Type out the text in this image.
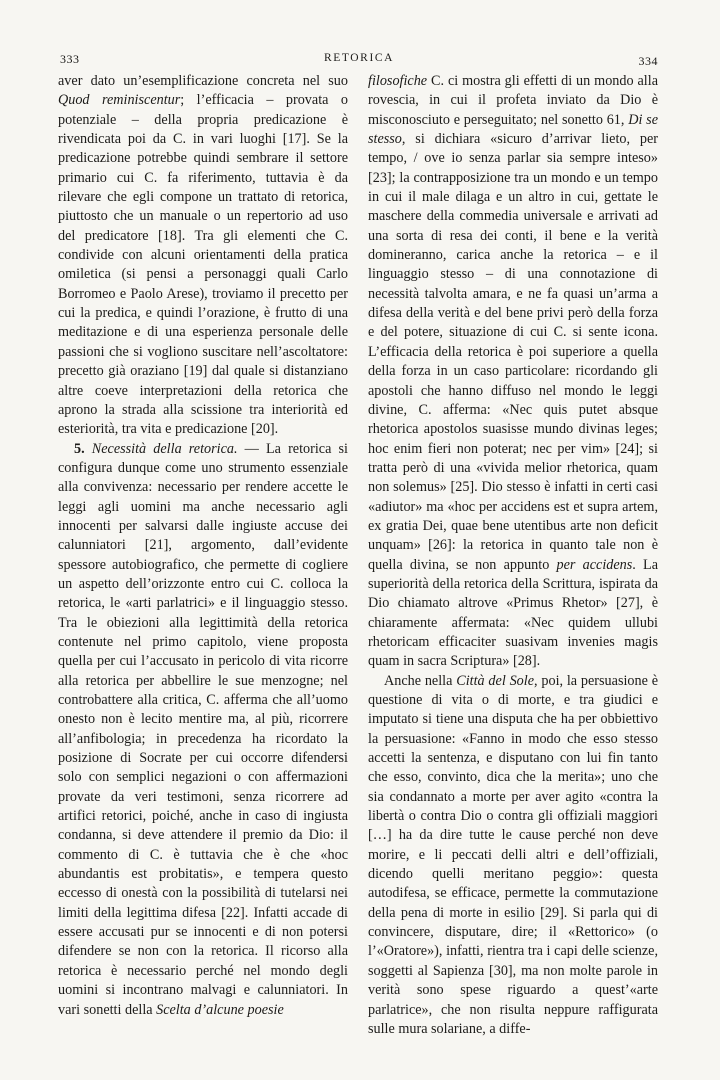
333	RETORICA	334

aver dato un’esemplificazione concreta nel suo Quod reminiscentur; l’efficacia – provata o potenziale – della propria predicazione è rivendicata poi da C. in vari luoghi [17]. Se la predicazione potrebbe quindi sembrare il settore primario cui C. fa riferimento, tuttavia è da rilevare che egli compone un trattato di retorica, piuttosto che un manuale o un repertorio ad uso del predicatore [18]. Tra gli elementi che C. condivide con alcuni orientamenti della pratica omiletica (si pensi a personaggi quali Carlo Borromeo e Paolo Arese), troviamo il precetto per cui la predica, e quindi l’orazione, è frutto di una meditazione e di una esperienza personale delle passioni che si vogliono suscitare nell’ascoltatore: precetto già oraziano [19] dal quale si distanziano altre coeve interpretazioni della retorica che aprono la strada alla scissione tra interiorità ed esteriorità, tra vita e predicazione [20].

5. Necessità della retorica. — La retorica si configura dunque come uno strumento essenziale alla convivenza: necessario per rendere accette le leggi agli uomini ma anche necessario agli innocenti per salvarsi dalle ingiuste accuse dei calunniatori [21], argomento, dall’evidente spessore autobiografico, che permette di cogliere un aspetto dell’orizzonte entro cui C. colloca la retorica, le «arti parlatrici» e il linguaggio stesso. Tra le obiezioni alla legittimità della retorica contenute nel primo capitolo, viene proposta quella per cui l’accusato in pericolo di vita ricorre alla retorica per abbellire le sue menzogne; nel controbattere alla critica, C. afferma che all’uomo onesto non è lecito mentire ma, al più, ricorrere all’anfibologia; in precedenza ha ricordato la posizione di Socrate per cui occorre difendersi solo con semplici negazioni o con affermazioni provate da veri testimoni, senza ricorrere ad artifici retorici, poiché, anche in caso di ingiusta condanna, si deve attendere il premio da Dio: il commento di C. è tuttavia che è che «hoc abundantis est probitatis», e tempera questo eccesso di onestà con la possibilità di tutelarsi nei limiti della legittima difesa [22]. Infatti accade di essere accusati pur se innocenti e di non potersi difendere se non con la retorica. Il ricorso alla retorica è necessario perché nel mondo degli uomini si incontrano malvagi e calunniatori. In vari sonetti della Scelta d’alcune poesie

filosofiche C. ci mostra gli effetti di un mondo alla rovescia, in cui il profeta inviato da Dio è misconosciuto e perseguitato; nel sonetto 61, Di se stesso, si dichiara «sicuro d’arrivar lieto, per tempo, / ove io senza parlar sia sempre inteso» [23]; la contrapposizione tra un mondo e un tempo in cui il male dilaga e un altro in cui, gettate le maschere della commedia universale e arrivati ad una sorta di resa dei conti, il bene e la verità domineranno, carica anche la retorica – e il linguaggio stesso – di una connotazione di necessità talvolta amara, e ne fa quasi un’arma a difesa della verità e del bene privi però della forza e del potere, situazione di cui C. si sente icona. L’efficacia della retorica è poi superiore a quella della forza in un caso particolare: ricordando gli apostoli che hanno diffuso nel mondo le leggi divine, C. afferma: «Nec quis putet absque rhetorica apostolos suasisse mundo divinas leges; hoc enim fieri non poterat; nec per vim» [24]; si tratta però di una «vivida melior rhetorica, quam non solemus» [25]. Dio stesso è infatti in certi casi «adiutor» ma «hoc per accidens est et supra artem, ex gratia Dei, quae bene utentibus arte non deficit unquam» [26]: la retorica in quanto tale non è quella divina, se non appunto per accidens. La superiorità della retorica della Scrittura, ispirata da Dio chiamato altrove «Primus Rhetor» [27], è chiaramente affermata: «Nec quidem ullubi rhetoricam efficaciter suasivam invenies magis quam in sacra Scriptura» [28].

Anche nella Città del Sole, poi, la persuasione è questione di vita o di morte, e tra giudici e imputato si tiene una disputa che ha per obbiettivo la persuasione: «Fanno in modo che esso stesso accetti la sentenza, e disputano con lui fin tanto che esso, convinto, dica che la merita»; uno che sia condannato a morte per aver agito «contra la libertà o contra Dio o contra gli offiziali maggiori […] ha da dire tutte le cause perché non deve morire, e li peccati delli altri e dell’offiziali, dicendo quelli meritano peggio»: questa autodifesa, se efficace, permette la commutazione della pena di morte in esilio [29]. Si parla qui di convincere, disputare, dire; il «Rettorico» (o l’«Oratore»), infatti, rientra tra i capi delle scienze, soggetti al Sapienza [30], ma non molte parole in verità sono spese riguardo a quest’«arte parlatrice», che non risulta neppure raffigurata sulle mura solariane, a diffe-
